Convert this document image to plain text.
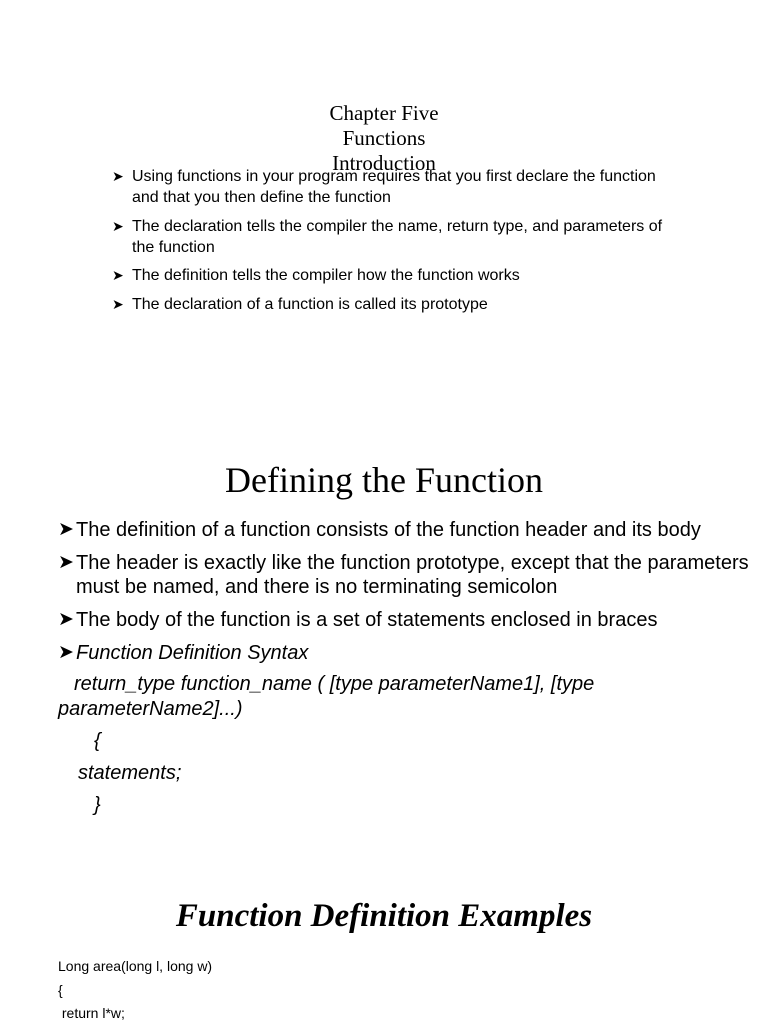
Chapter Five
Functions
Introduction
➤ Using functions in your program requires that you first declare the function and that you then define the function
➤ The declaration tells the compiler the name, return type, and parameters of the function
➤ The definition tells the compiler how the function works
➤ The declaration of a function is called its prototype
Defining the Function
➤ The definition of a function consists of the function header and its body
➤ The header is exactly like the function prototype, except that the parameters must be named, and there is no terminating semicolon
➤ The body of the function is a set of statements enclosed in braces
➤ Function Definition Syntax
return_type function_name ( [type parameterName1], [type
parameterName2]...)
{
statements;
}
Function Definition Examples
Long area(long l, long w)
{
return l*w;
